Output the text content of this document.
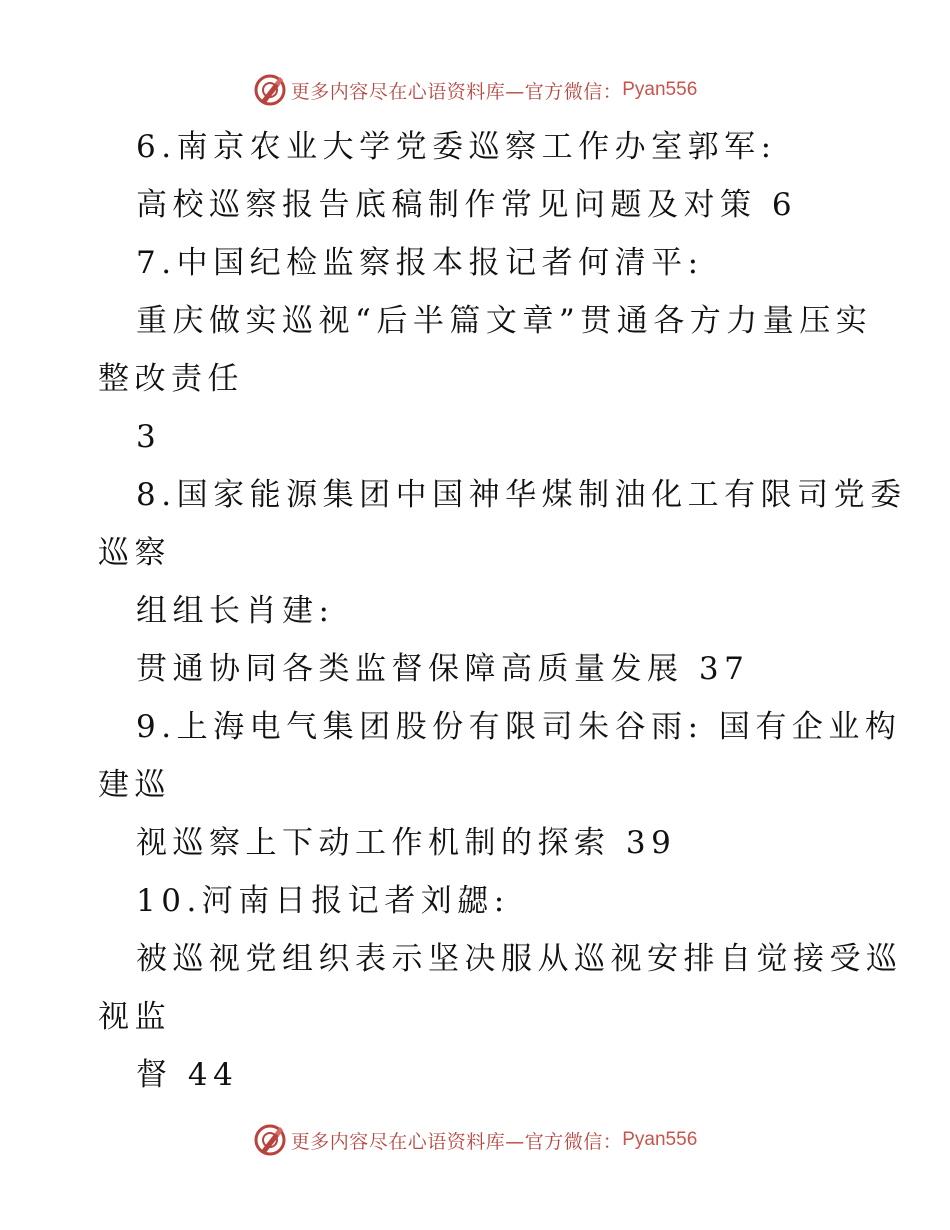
更多内容尽在心语资料库—官方微信： Pyan556
6.南京农业大学党委巡察工作办室郭军:
高校巡察报告底稿制作常见问题及对策 6
7.中国纪检监察报本报记者何清平:
重庆做实巡视“后半篇文章”贯通各方力量压实
整改责任
3
8.国家能源集团中国神华煤制油化工有限司党委
巡察
组组长肖建:
贯通协同各类监督保障高质量发展 37
9.上海电气集团股份有限司朱谷雨: 国有企业构
建巡
视巡察上下动工作机制的探索 39
10.河南日报记者刘勰:
被巡视党组织表示坚决服从巡视安排自觉接受巡
视监
督 44
更多内容尽在心语资料库—官方微信： Pyan556
